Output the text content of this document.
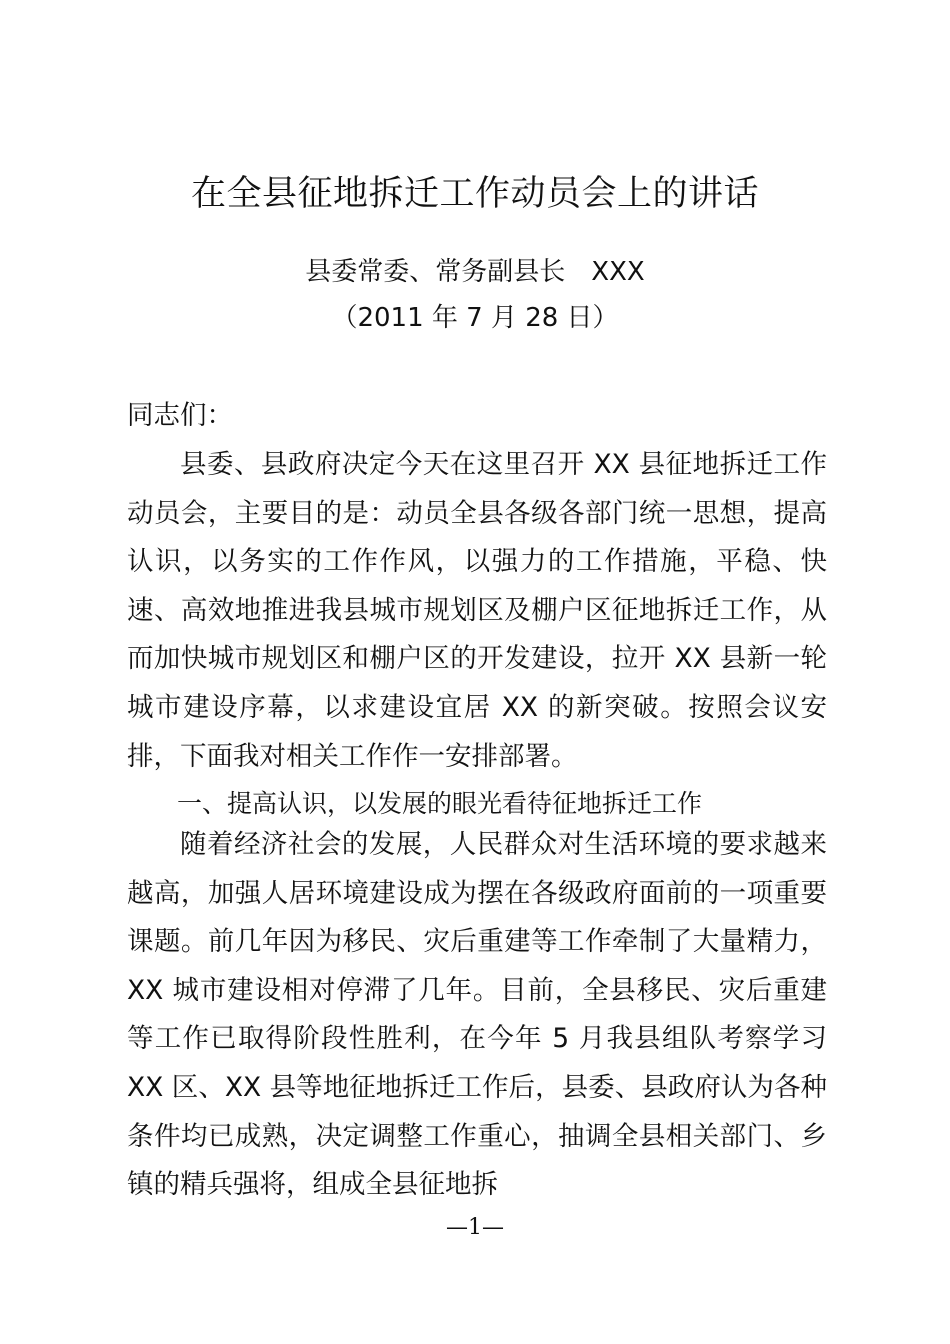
在全县征地拆迁工作动员会上的讲话
县委常委、常务副县长　XXX
（2011 年 7 月 28 日）

同志们：

县委、县政府决定今天在这里召开 XX 县征地拆迁工作动员会，主要目的是：动员全县各级各部门统一思想，提高认识，以务实的工作作风，以强力的工作措施，平稳、快速、高效地推进我县城市规划区及棚户区征地拆迁工作，从而加快城市规划区和棚户区的开发建设，拉开 XX 县新一轮城市建设序幕，以求建设宜居 XX 的新突破。按照会议安排，下面我对相关工作作一安排部署。

一、提高认识，以发展的眼光看待征地拆迁工作

随着经济社会的发展，人民群众对生活环境的要求越来越高，加强人居环境建设成为摆在各级政府面前的一项重要课题。前几年因为移民、灾后重建等工作牵制了大量精力，XX 城市建设相对停滞了几年。目前，全县移民、灾后重建等工作已取得阶段性胜利，在今年 5 月我县组队考察学习 XX 区、XX 县等地征地拆迁工作后，县委、县政府认为各种条件均已成熟，决定调整工作重心，抽调全县相关部门、乡镇的精兵强将，组成全县征地拆

—1—
